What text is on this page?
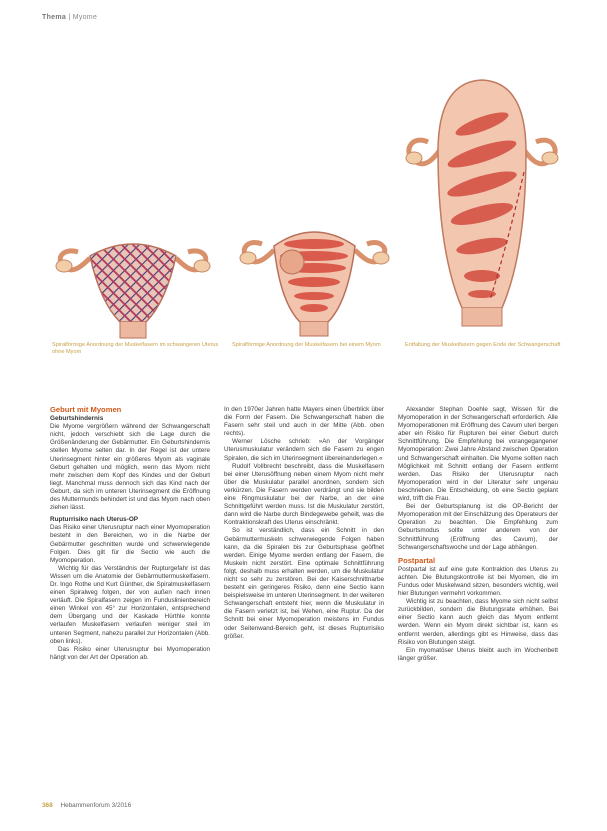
Thema | Myome
Spiralförmige Anordnung der Muskelfasern im schwangeren Uterus ohne Myom
Spiralförmige Anordnung der Muskelfasern bei einem Myom	Entfaltung der Muskelfasern gegen Ende der Schwangerschaft
Geburt mit Myomen
Geburtshindernis

Die Myome vergrößern während der Schwangerschaft nicht, jedoch verschiebt sich die Lage durch die Größenänderung der Gebärmutter. Ein Geburtshindernis stellen Myome selten dar. In der Regel ist der untere Uterinsegment hinter ein größeres Myom als vaginale Geburt gehalten und möglich, wenn das Myom nicht mehr zwischen dem Kopf des Kindes und der Geburt liegt. Manchmal muss dennoch sich das Kind nach der Geburt, da sich im unteren Uterinsegment die Eröffnung des Muttermunds behindert ist und das Myom nach oben ziehen lässt.

Rupturrisiko nach Uterus-OP

Das Risiko einer Uterusruptur nach einer Myomoperation besteht in den Bereichen, wo in die Narbe der Gebärmutter geschnitten wurde und schwerwiegende Folgen. Dies gilt für die Sectio wie auch die Myomoperation.

Wichtig für das Verständnis der Rupturgefahr ist das Wissen um die Anatomie der Gebärmuttermuskelfasern. Dr. Ingo Rothe und Kurt Günther, die Spiralmuskelfasern einen Spiralweg folgen, der von außen nach innen verläuft. Die Spiralfasern zeigen im Funduslinienbereich einen Winkel von 45° zur Horizontalen, entsprechend dem Übergang und der Kaskade Hürthle konnte verlaufen Muskelfasern verlaufen weniger steil im unteren Segment, nahezu parallel zur Horizontalen (Abb. oben links).

Das Risiko einer Uterusruptur bei Myomoperation hängt von der Art der Operation ab.

In den 1970er Jahren hatte Mayers einen Überblick über die Form der Fasern. Die Schwangerschaft haben die Fasern sehr steil und auch in der Mitte (Abb. oben rechts).

Werner Lösche schrieb: »An der Vorgänger Uterusmuskulatur verändern sich die Fasern zu engen Spiralen, die sich im Uterinsegment übereinanderlegen.«

Rudolf Vollbrecht beschreibt, dass die Muskelfasern bei einer Uterusöffnung neben einem Myom nicht mehr über die Muskulatur parallel anordnen, sondern sich verkürzen. Die Fasern werden verdrängt und sie bilden eine Ringmuskulatur bei der Narbe, an der eine Schnittgeführt werden muss. Ist die Muskulatur zerstört, dann wird die Narbe durch Bindegewebe geheilt, was die Kontraktionskraft des Uterus einschränkt.

So ist verständlich, dass ein Schnitt in den Gebärmuttermuskeln schwerwiegende Folgen haben kann, da die Spiralen bis zur Geburtsphase geöffnet werden. Einige Myome werden entlang der Fasern, die Muskeln nicht zerstört. Eine optimale Schnittführung folgt, deshalb muss erhalten werden, um die Muskulatur nicht so sehr zu zerstören. Bei der Kaiserschnittnarbe besteht ein geringeres Risiko, denn eine Sectio kann beispielsweise im unteren Uterinsegment. In der weiteren Schwangerschaft entsteht hier, wenn die Muskulatur in die Fasern verletzt ist, bei Wehen, eine Ruptur. Da der Schnitt bei einer Myomoperation meistens im Fundus oder Seitenwand-Bereich geht, ist dieses Rupturrisiko größer.

Alexander Stephan Doehle sagt, Wissen für die Myomoperation in der Schwangerschaft erforderlich. Alle Myomoperationen mit Eröffnung des Cavum uteri bergen aber ein Risiko für Rupturen bei einer Geburt durch Schnittführung. Die Empfehlung bei vorangegangener Myomoperation: Zwei Jahre Abstand zwischen Operation und Schwangerschaft einhalten. Die Myome sollten nach Möglichkeit mit Schnitt entlang der Fasern entfernt werden. Das Risiko der Uterusruptur nach Myomoperation wird in der Literatur sehr ungenau beschrieben. Die Entscheidung, ob eine Sectio geplant wird, trifft die Frau.

Bei der Geburtsplanung ist die OP-Bericht der Myomoperation mit der Einschätzung des Operateurs der Operation zu beachten. Die Empfehlung zum Geburtsmodus sollte unter anderem von der Schnittführung (Eröffnung des Cavum), der Schwangerschaftswoche und der Lage abhängen.

Postpartal

Postpartal ist auf eine gute Kontraktion des Uterus zu achten. Die Blutungskontrolle ist bei Myomen, die im Fundus oder Muskelwand sitzen, besonders wichtig, weil hier Blutungen vermehrt vorkommen.

Wichtig ist zu beachten, dass Myome sich nicht selbst zurückbilden, sondern die Blutungsrate erhöhen. Bei einer Sectio kann auch gleich das Myom entfernt werden. Wenn ein Myom direkt sichtbar ist, kann es entfernt werden, allerdings gibt es Hinweise, dass das Risiko von Blutungen steigt.

Ein myomatöser Uterus bleibt auch im Wochenbett länger größer.

368 Hebammenforum 3/2016
